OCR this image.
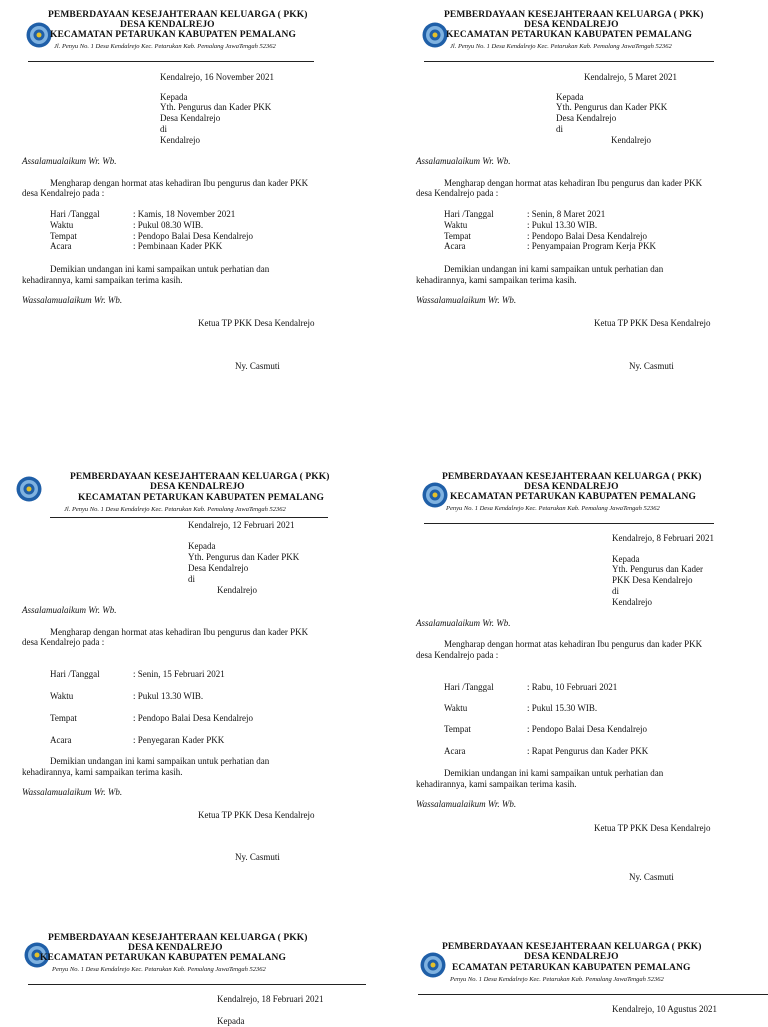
PEMBERDAYAAN KESEJAHTERAAN KELUARGA ( PKK)
DESA KENDALREJO
KECAMATAN PETARUKAN KABUPATEN PEMALANG
Jl. Penyu No. 1 Desa Kendalrejo Kec. Petarukan Kab. Pemalang JawaTengah 52362
Kendalrejo, 16 November 2021
Kepada
Yth. Pengurus dan Kader PKK
Desa Kendalrejo
di
Kendalrejo
Assalamualaikum Wr. Wb.
Mengharap dengan hormat atas kehadiran Ibu pengurus dan kader PKK
desa Kendalrejo pada :
Hari /Tanggal	: Kamis, 18 November 2021
Waktu	: Pukul 08.30 WIB.
Tempat	: Pendopo Balai Desa Kendalrejo
Acara	: Pembinaan Kader PKK
Demikian undangan ini kami sampaikan untuk perhatian dan
kehadirannya, kami sampaikan terima kasih.
Wassalamualaikum Wr. Wb.
Ketua TP PKK Desa Kendalrejo
Ny. Casmuti
PEMBERDAYAAN KESEJAHTERAAN KELUARGA ( PKK)
DESA KENDALREJO
KECAMATAN PETARUKAN KABUPATEN PEMALANG
Jl. Penyu No. 1 Desa Kendalrejo Kec. Petarukan Kab. Pemalang JawaTengah 52362
Kendalrejo, 5 Maret 2021
Kepada
Yth. Pengurus dan Kader PKK
Desa Kendalrejo
di
Kendalrejo
Assalamualaikum Wr. Wb.
Mengharap dengan hormat atas kehadiran Ibu pengurus dan kader PKK
desa Kendalrejo pada :
Hari /Tanggal	: Senin, 8 Maret 2021
Waktu	: Pukul 13.30 WIB.
Tempat	: Pendopo Balai Desa Kendalrejo
Acara	: Penyampaian Program Kerja PKK
Demikian undangan ini kami sampaikan untuk perhatian dan
kehadirannya, kami sampaikan terima kasih.
Wassalamualaikum Wr. Wb.
Ketua TP PKK Desa Kendalrejo
Ny. Casmuti
PEMBERDAYAAN KESEJAHTERAAN KELUARGA ( PKK)
DESA KENDALREJO
KECAMATAN PETARUKAN KABUPATEN PEMALANG
Jl. Penyu No. 1 Desa Kendalrejo Kec. Petarukan Kab. Pemalang JawaTengah 52362
Kendalrejo, 12 Februari 2021
Kepada
Yth. Pengurus dan Kader PKK
Desa Kendalrejo
di
Kendalrejo
Assalamualaikum Wr. Wb.
Mengharap dengan hormat atas kehadiran Ibu pengurus dan kader PKK
desa Kendalrejo pada :
Hari /Tanggal	: Senin, 15 Februari 2021
Waktu	: Pukul 13.30 WIB.
Tempat	: Pendopo Balai Desa Kendalrejo
Acara	: Penyegaran Kader PKK
Demikian undangan ini kami sampaikan untuk perhatian dan
kehadirannya, kami sampaikan terima kasih.
Wassalamualaikum Wr. Wb.
Ketua TP PKK Desa Kendalrejo
Ny. Casmuti
PEMBERDAYAAN KESEJAHTERAAN KELUARGA ( PKK)
DESA KENDALREJO
KECAMATAN PETARUKAN KABUPATEN PEMALANG
Penyu No. 1 Desa Kendalrejo Kec. Petarukan Kab. Pemalang JawaTengah 52362
Kendalrejo, 8 Februari 2021
Kepada
Yth. Pengurus dan Kader
PKK Desa Kendalrejo
di
Kendalrejo
Assalamualaikum Wr. Wb.
Mengharap dengan hormat atas kehadiran Ibu pengurus dan kader PKK
desa Kendalrejo pada :
Hari /Tanggal	: Rabu, 10 Februari 2021
Waktu	: Pukul 15.30 WIB.
Tempat	: Pendopo Balai Desa Kendalrejo
Acara	: Rapat Pengurus dan Kader PKK
Demikian undangan ini kami sampaikan untuk perhatian dan
kehadirannya, kami sampaikan terima kasih.
Wassalamualaikum Wr. Wb.
Ketua TP PKK Desa Kendalrejo
Ny. Casmuti
PEMBERDAYAAN KESEJAHTERAAN KELUARGA ( PKK)
DESA KENDALREJO
KECAMATAN PETARUKAN KABUPATEN PEMALANG
Penyu No. 1 Desa Kendalrejo Kec. Petarukan Kab. Pemalang JawaTengah 52362
Kendalrejo, 18 Februari 2021
Kepada
PEMBERDAYAAN KESEJAHTERAAN KELUARGA ( PKK)
DESA KENDALREJO
ECAMATAN PETARUKAN KABUPATEN PEMALANG
Penyu No. 1 Desa Kendalrejo Kec. Petarukan Kab. Pemalang JawaTengah 52362
Kendalrejo, 10 Agustus 2021
